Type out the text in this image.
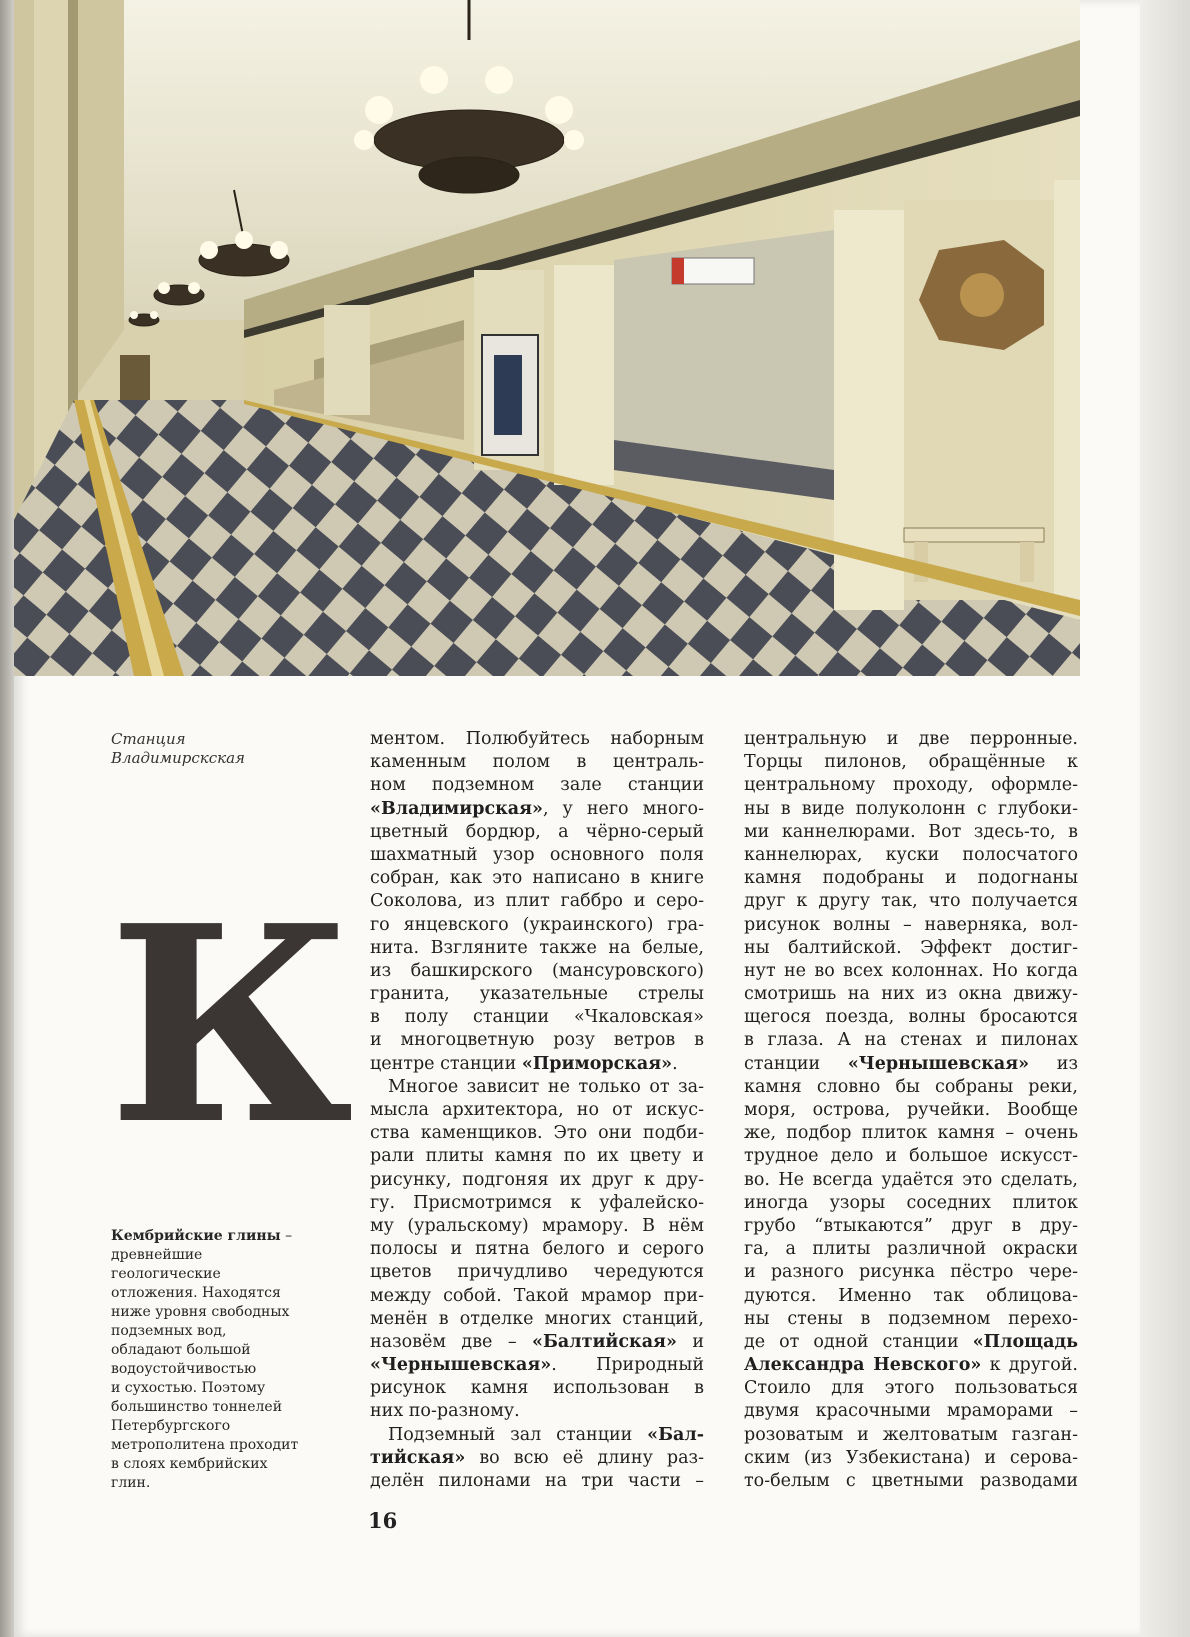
Станция
Владимирскская
К
Кембрийские глины –
древнейшие
геологические
отложения. Находятся
ниже уровня свободных
подземных вод,
обладают большой
водоустойчивостью
и сухостью. Поэтому
большинство тоннелей
Петербургского
метрополитена проходит
в слоях кембрийских
глин.
ментом. Полюбуйтесь наборным
каменным полом в централь-
ном подземном зале станции
«Владимирская», у него много-
цветный бордюр, а чёрно-серый
шахматный узор основного поля
собран, как это написано в книге
Соколова, из плит габбро и серо-
го янцевского (украинского) гра-
нита. Взгляните также на белые,
из башкирского (мансуровского)
гранита, указательные стрелы
в полу станции «Чкаловская»
и многоцветную розу ветров в
центре станции «Приморская».
Многое зависит не только от за-
мысла архитектора, но от искус-
ства каменщиков. Это они подби-
рали плиты камня по их цвету и
рисунку, подгоняя их друг к дру-
гу. Присмотримся к уфалейско-
му (уральскому) мрамору. В нём
полосы и пятна белого и серого
цветов причудливо чередуются
между собой. Такой мрамор при-
менён в отделке многих станций,
назовём две – «Балтийская» и
«Чернышевская». Природный
рисунок камня использован в
них по-разному.
Подземный зал станции «Бал-
тийская» во всю её длину раз-
делён пилонами на три части –
центральную и две перронные.
Торцы пилонов, обращённые к
центральному проходу, оформле-
ны в виде полуколонн с глубоки-
ми каннелюрами. Вот здесь-то, в
каннелюрах, куски полосчатого
камня подобраны и подогнаны
друг к другу так, что получается
рисунок волны – наверняка, вол-
ны балтийской. Эффект достиг-
нут не во всех колоннах. Но когда
смотришь на них из окна движу-
щегося поезда, волны бросаются
в глаза. А на стенах и пилонах
станции «Чернышевская» из
камня словно бы собраны реки,
моря, острова, ручейки. Вообще
же, подбор плиток камня – очень
трудное дело и большое искусст-
во. Не всегда удаётся это сделать,
иногда узоры соседних плиток
грубо “втыкаются” друг в дру-
га, а плиты различной окраски
и разного рисунка пёстро чере-
дуются. Именно так облицова-
ны стены в подземном перехо-
де от одной станции «Площадь
Александра Невского» к другой.
Стоило для этого пользоваться
двумя красочными мраморами –
розоватым и желтоватым газган-
ским (из Узбекистана) и серова-
то-белым с цветными разводами
16
